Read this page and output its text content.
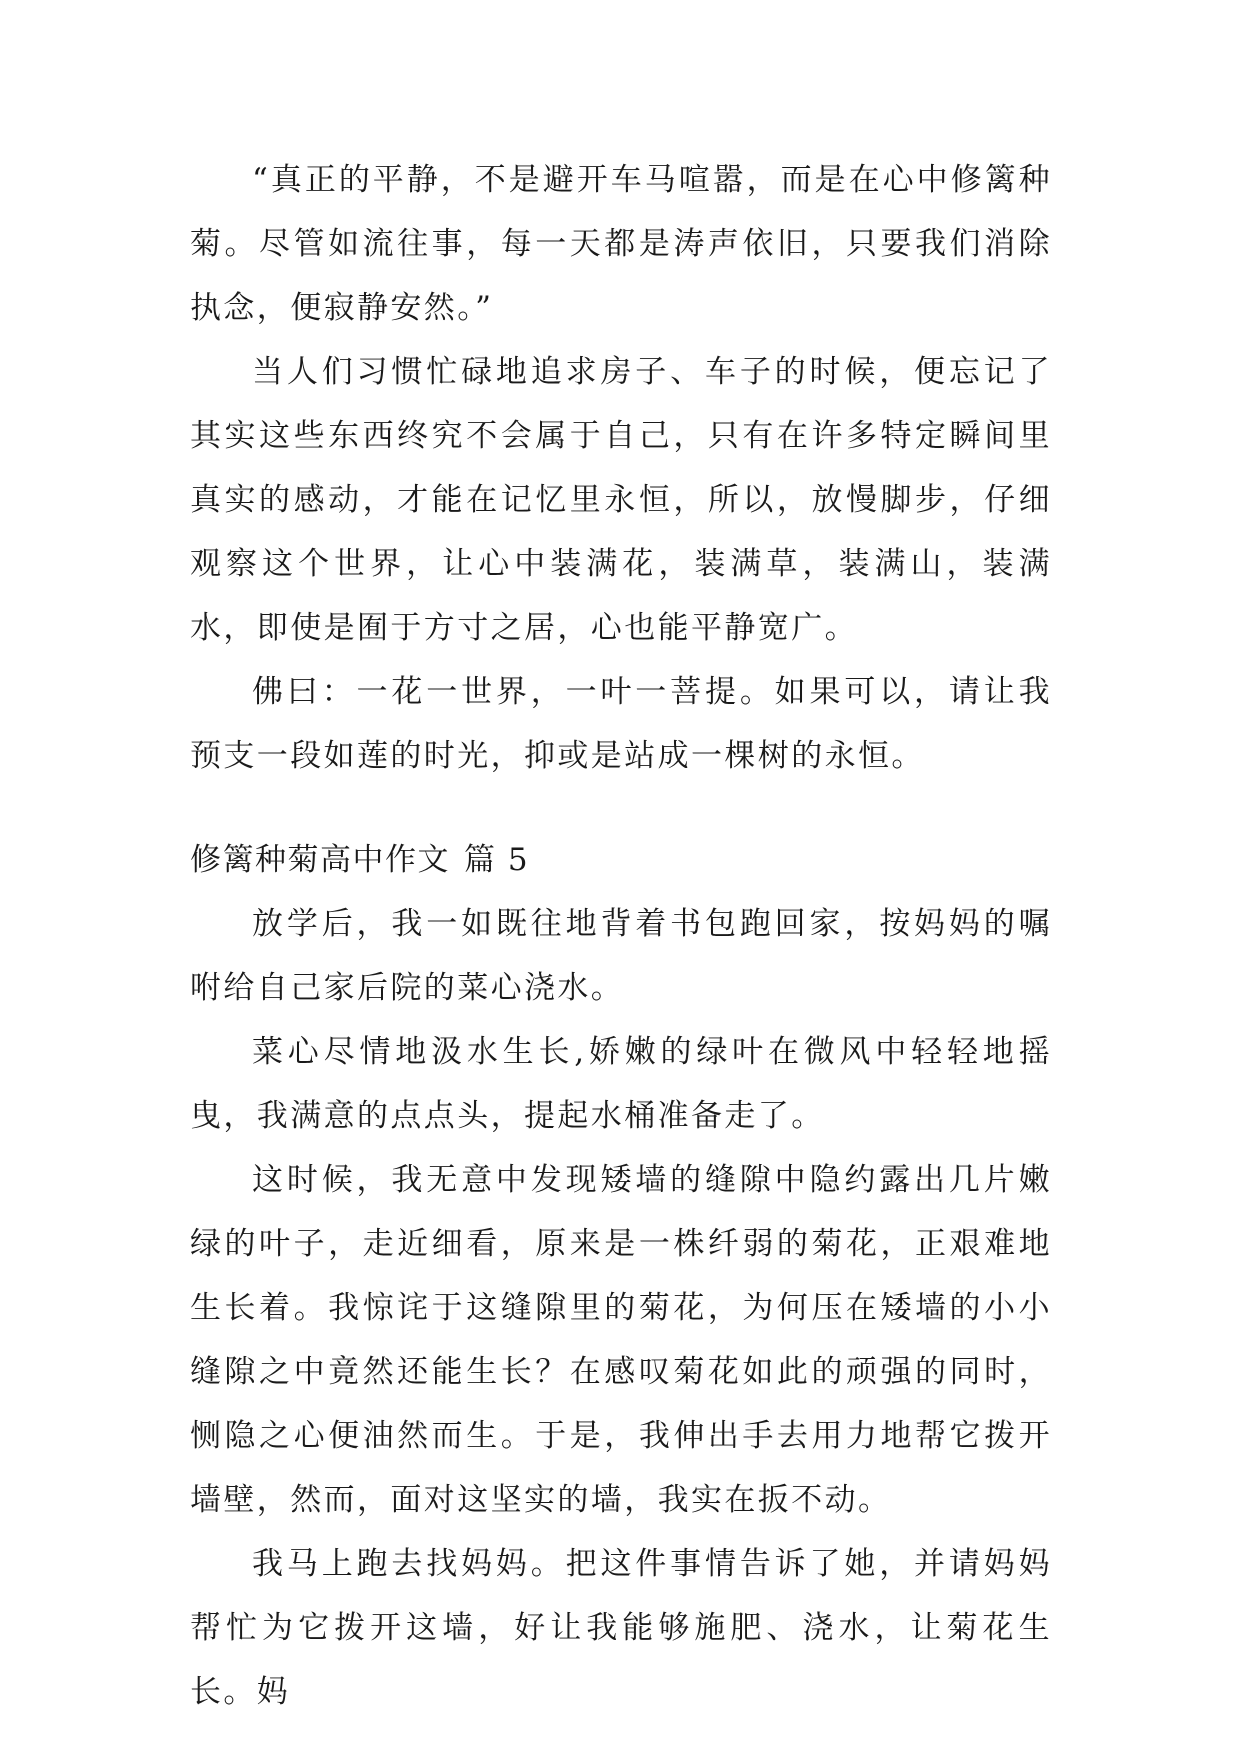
“真正的平静，不是避开车马喧嚣，而是在心中修篱种菊。尽管如流往事，每一天都是涛声依旧，只要我们消除执念，便寂静安然。”

当人们习惯忙碌地追求房子、车子的时候，便忘记了其实这些东西终究不会属于自己，只有在许多特定瞬间里真实的感动，才能在记忆里永恒，所以，放慢脚步，仔细观察这个世界，让心中装满花，装满草，装满山，装满水，即使是囿于方寸之居，心也能平静宽广。

佛曰：一花一世界，一叶一菩提。如果可以，请让我预支一段如莲的时光，抑或是站成一棵树的永恒。

修篱种菊高中作文 篇 5

放学后，我一如既往地背着书包跑回家，按妈妈的嘱咐给自己家后院的菜心浇水。

菜心尽情地汲水生长,娇嫩的绿叶在微风中轻轻地摇曳，我满意的点点头，提起水桶准备走了。

这时候，我无意中发现矮墙的缝隙中隐约露出几片嫩绿的叶子，走近细看，原来是一株纤弱的菊花，正艰难地生长着。我惊诧于这缝隙里的菊花，为何压在矮墙的小小缝隙之中竟然还能生长？在感叹菊花如此的顽强的同时，恻隐之心便油然而生。于是，我伸出手去用力地帮它拨开墙壁，然而，面对这坚实的墙，我实在扳不动。

我马上跑去找妈妈。把这件事情告诉了她，并请妈妈帮忙为它拨开这墙，好让我能够施肥、浇水，让菊花生长。妈
